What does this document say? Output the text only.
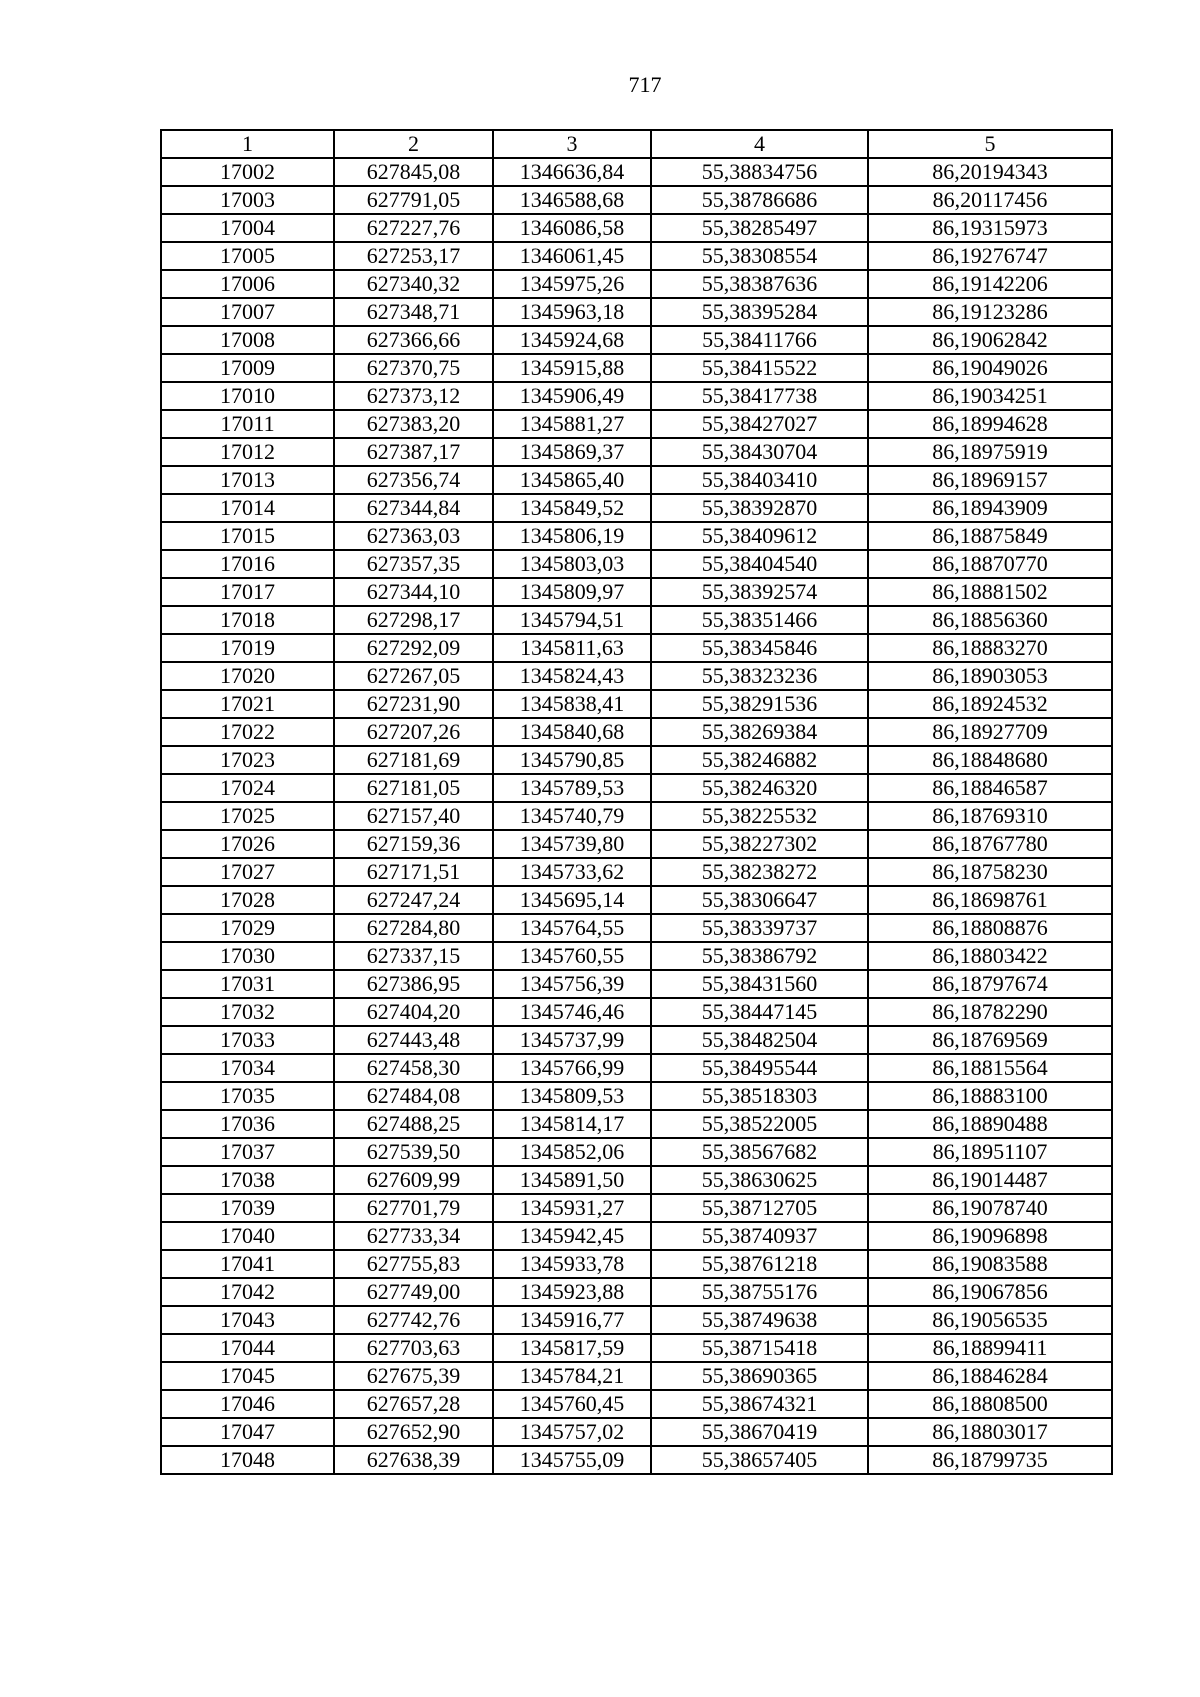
717
1	2	3	4	5
17002	627845,08	1346636,84	55,38834756	86,20194343
17003	627791,05	1346588,68	55,38786686	86,20117456
17004	627227,76	1346086,58	55,38285497	86,19315973
17005	627253,17	1346061,45	55,38308554	86,19276747
17006	627340,32	1345975,26	55,38387636	86,19142206
17007	627348,71	1345963,18	55,38395284	86,19123286
17008	627366,66	1345924,68	55,38411766	86,19062842
17009	627370,75	1345915,88	55,38415522	86,19049026
17010	627373,12	1345906,49	55,38417738	86,19034251
17011	627383,20	1345881,27	55,38427027	86,18994628
17012	627387,17	1345869,37	55,38430704	86,18975919
17013	627356,74	1345865,40	55,38403410	86,18969157
17014	627344,84	1345849,52	55,38392870	86,18943909
17015	627363,03	1345806,19	55,38409612	86,18875849
17016	627357,35	1345803,03	55,38404540	86,18870770
17017	627344,10	1345809,97	55,38392574	86,18881502
17018	627298,17	1345794,51	55,38351466	86,18856360
17019	627292,09	1345811,63	55,38345846	86,18883270
17020	627267,05	1345824,43	55,38323236	86,18903053
17021	627231,90	1345838,41	55,38291536	86,18924532
17022	627207,26	1345840,68	55,38269384	86,18927709
17023	627181,69	1345790,85	55,38246882	86,18848680
17024	627181,05	1345789,53	55,38246320	86,18846587
17025	627157,40	1345740,79	55,38225532	86,18769310
17026	627159,36	1345739,80	55,38227302	86,18767780
17027	627171,51	1345733,62	55,38238272	86,18758230
17028	627247,24	1345695,14	55,38306647	86,18698761
17029	627284,80	1345764,55	55,38339737	86,18808876
17030	627337,15	1345760,55	55,38386792	86,18803422
17031	627386,95	1345756,39	55,38431560	86,18797674
17032	627404,20	1345746,46	55,38447145	86,18782290
17033	627443,48	1345737,99	55,38482504	86,18769569
17034	627458,30	1345766,99	55,38495544	86,18815564
17035	627484,08	1345809,53	55,38518303	86,18883100
17036	627488,25	1345814,17	55,38522005	86,18890488
17037	627539,50	1345852,06	55,38567682	86,18951107
17038	627609,99	1345891,50	55,38630625	86,19014487
17039	627701,79	1345931,27	55,38712705	86,19078740
17040	627733,34	1345942,45	55,38740937	86,19096898
17041	627755,83	1345933,78	55,38761218	86,19083588
17042	627749,00	1345923,88	55,38755176	86,19067856
17043	627742,76	1345916,77	55,38749638	86,19056535
17044	627703,63	1345817,59	55,38715418	86,18899411
17045	627675,39	1345784,21	55,38690365	86,18846284
17046	627657,28	1345760,45	55,38674321	86,18808500
17047	627652,90	1345757,02	55,38670419	86,18803017
17048	627638,39	1345755,09	55,38657405	86,18799735
